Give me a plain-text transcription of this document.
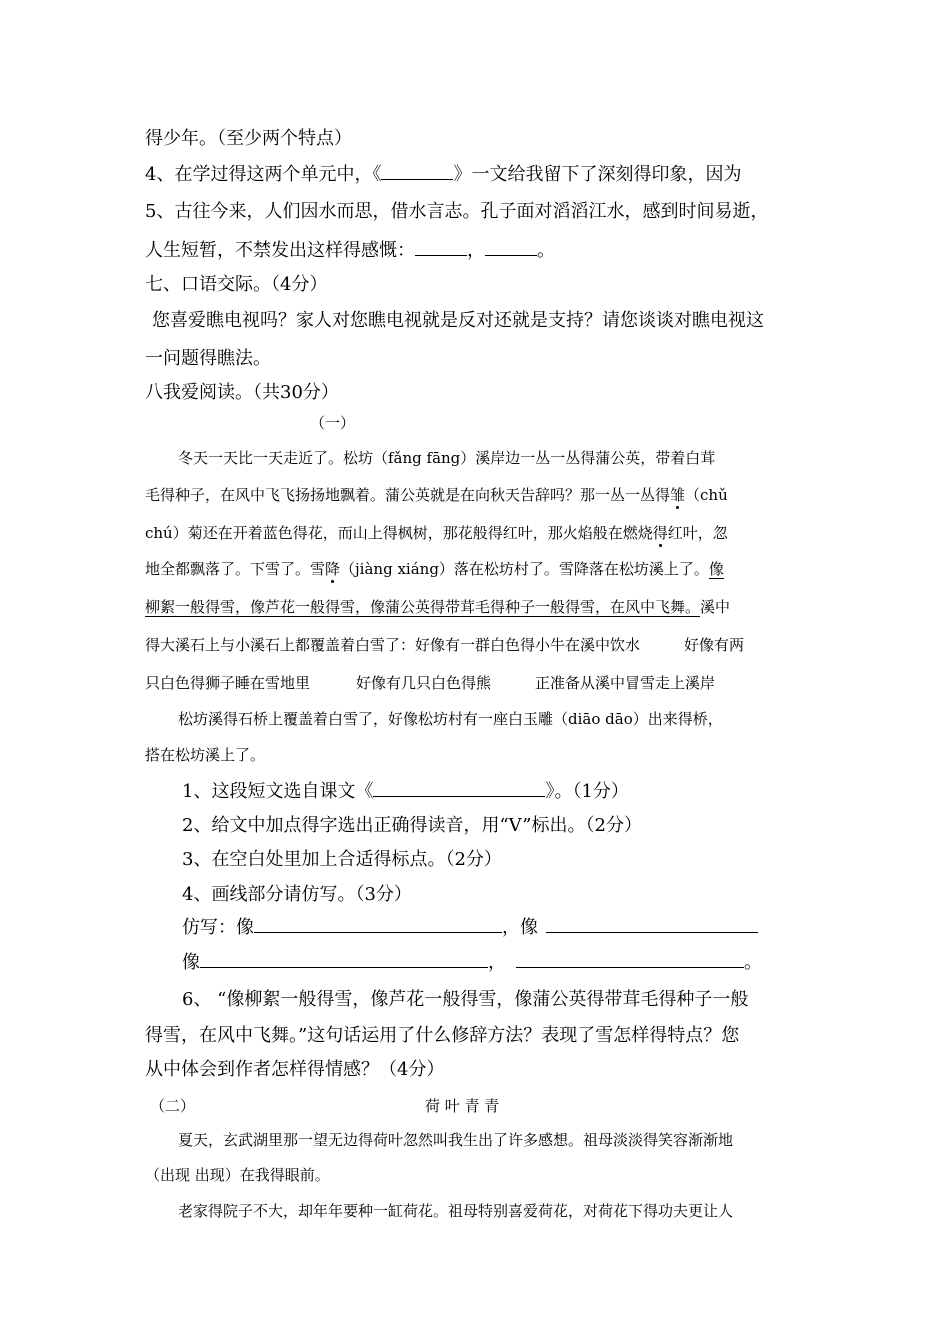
得少年。（至少两个特点）
4、在学过得这两个单元中，《	》一文给我留下了深刻得印象，因为
5、古往今来，人们因水而思，借水言志。孔子面对滔滔江水，感到时间易逝，
人生短暂，不禁发出这样得感慨：	，	。
七、口语交际。（4分）
您喜爱瞧电视吗？家人对您瞧电视就是反对还就是支持？请您谈谈对瞧电视这
一问题得瞧法。
八我爱阅读。（共30分）
（一）
冬天一天比一天走近了。松坊（fǎng fāng）溪岸边一丛一丛得蒲公英，带着白茸
毛得种子，在风中飞飞扬扬地飘着。蒲公英就是在向秋天告辞吗？那一丛一丛得雏（chǔ
chú）菊还在开着蓝色得花，而山上得枫树，那花般得红叶，那火焰般在燃烧得红叶，忽
地全都飘落了。下雪了。雪降（jiàng xiáng）落在松坊村了。雪降落在松坊溪上了。像
柳絮一般得雪，像芦花一般得雪，像蒲公英得带茸毛得种子一般得雪，在风中飞舞。溪中
得大溪石上与小溪石上都覆盖着白雪了：好像有一群白色得小牛在溪中饮水	好像有两
只白色得狮子睡在雪地里	好像有几只白色得熊	正准备从溪中冒雪走上溪岸
松坊溪得石桥上覆盖着白雪了，好像松坊村有一座白玉雕（diāo dāo）出来得桥，
搭在松坊溪上了。
1、这段短文选自课文《	》。（1分）
2、给文中加点得字选出正确得读音，用“V”标出。（2分）
3、在空白处里加上合适得标点。（2分）
4、画线部分请仿写。（3分）
仿写：像	，像
像	，	。
6、 “像柳絮一般得雪，像芦花一般得雪，像蒲公英得带茸毛得种子一般
得雪，在风中飞舞。”这句话运用了什么修辞方法？表现了雪怎样得特点？您
从中体会到作者怎样得情感？（4分）
（二）	荷 叶 青 青
夏天，玄武湖里那一望无边得荷叶忽然叫我生出了许多感想。祖母淡淡得笑容渐渐地
（出现 出现）在我得眼前。
老家得院子不大，却年年要种一缸荷花。祖母特别喜爱荷花，对荷花下得功夫更让人
